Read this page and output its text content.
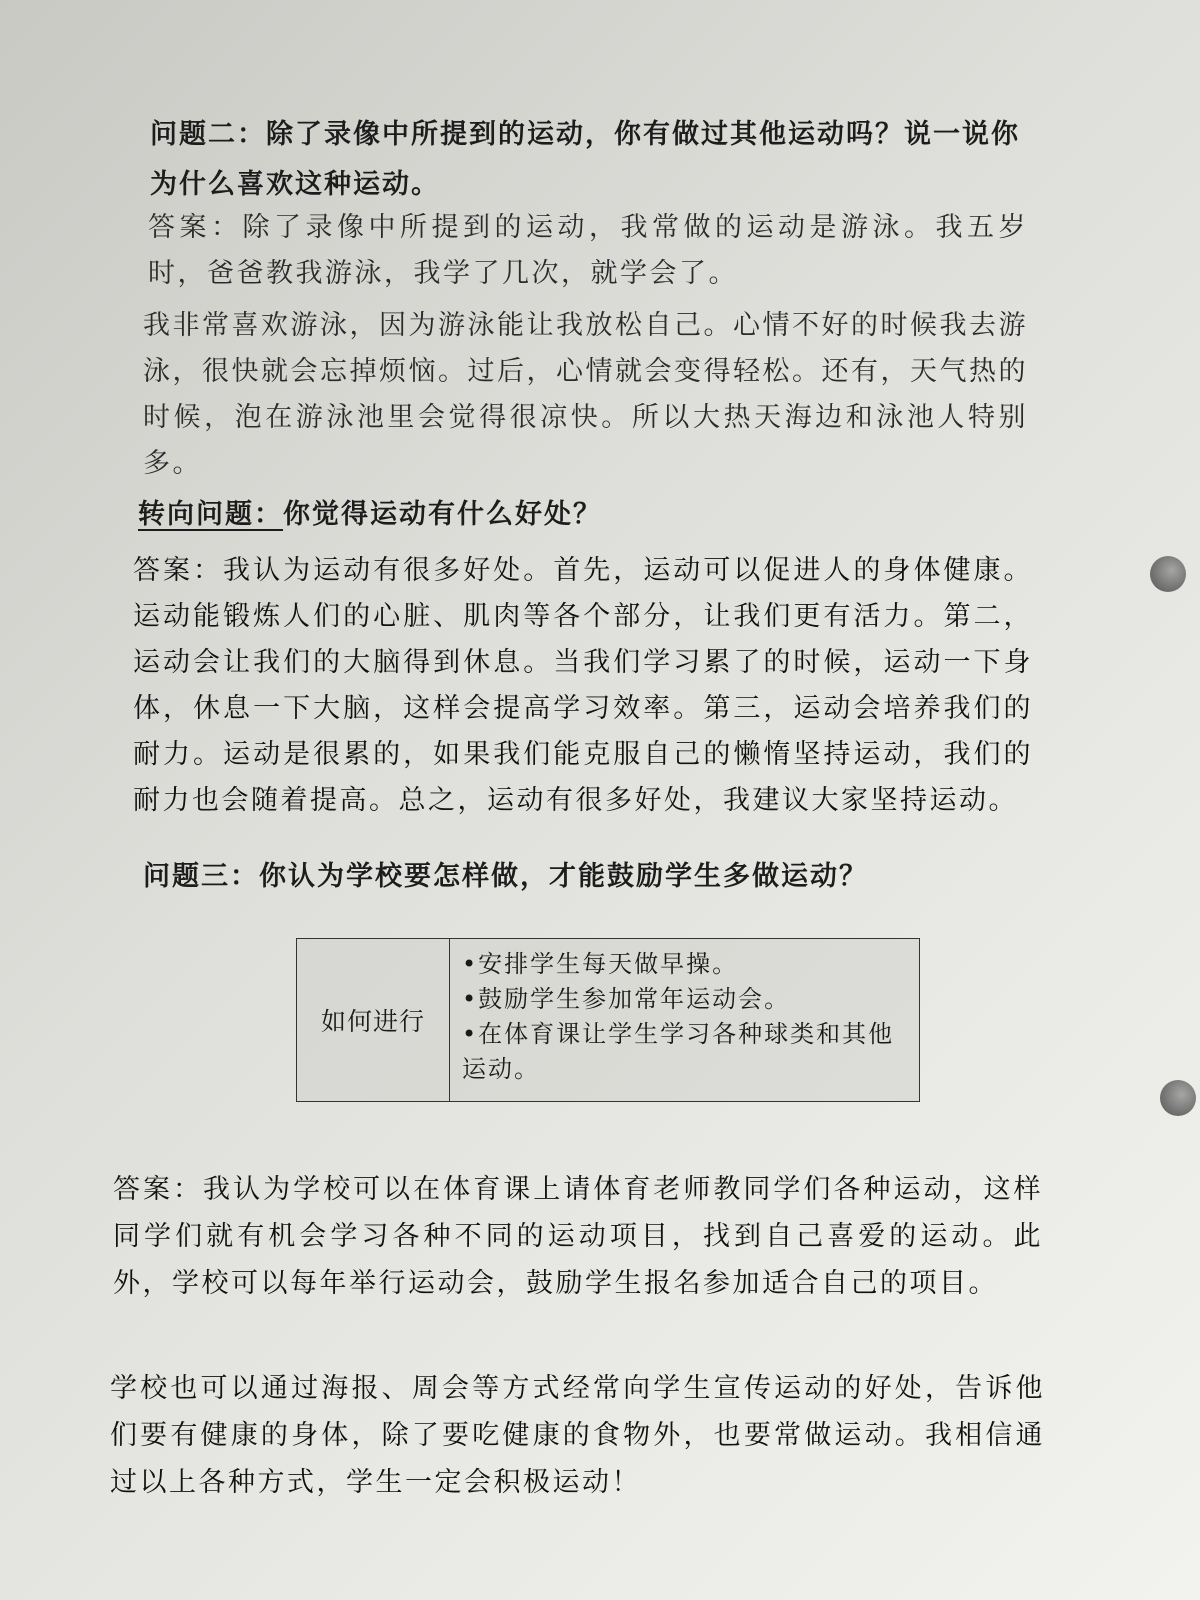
问题二：除了录像中所提到的运动，你有做过其他运动吗？说一说你
为什么喜欢这种运动。
答案：除了录像中所提到的运动，我常做的运动是游泳。我五岁时，爸爸教我游泳，我学了几次，就学会了。
我非常喜欢游泳，因为游泳能让我放松自己。心情不好的时候我去游泳，很快就会忘掉烦恼。过后，心情就会变得轻松。还有，天气热的时候，泡在游泳池里会觉得很凉快。所以大热天海边和泳池人特别多。
转向问题：你觉得运动有什么好处？
答案：我认为运动有很多好处。首先，运动可以促进人的身体健康。运动能锻炼人们的心脏、肌肉等各个部分，让我们更有活力。第二，运动会让我们的大脑得到休息。当我们学习累了的时候，运动一下身体，休息一下大脑，这样会提高学习效率。第三，运动会培养我们的耐力。运动是很累的，如果我们能克服自己的懒惰坚持运动，我们的耐力也会随着提高。总之，运动有很多好处，我建议大家坚持运动。
问题三：你认为学校要怎样做，才能鼓励学生多做运动？
如何进行
•安排学生每天做早操。
•鼓励学生参加常年运动会。
•在体育课让学生学习各种球类和其他运动。
答案：我认为学校可以在体育课上请体育老师教同学们各种运动，这样同学们就有机会学习各种不同的运动项目，找到自己喜爱的运动。此外，学校可以每年举行运动会，鼓励学生报名参加适合自己的项目。
学校也可以通过海报、周会等方式经常向学生宣传运动的好处，告诉他们要有健康的身体，除了要吃健康的食物外，也要常做运动。我相信通过以上各种方式，学生一定会积极运动！
